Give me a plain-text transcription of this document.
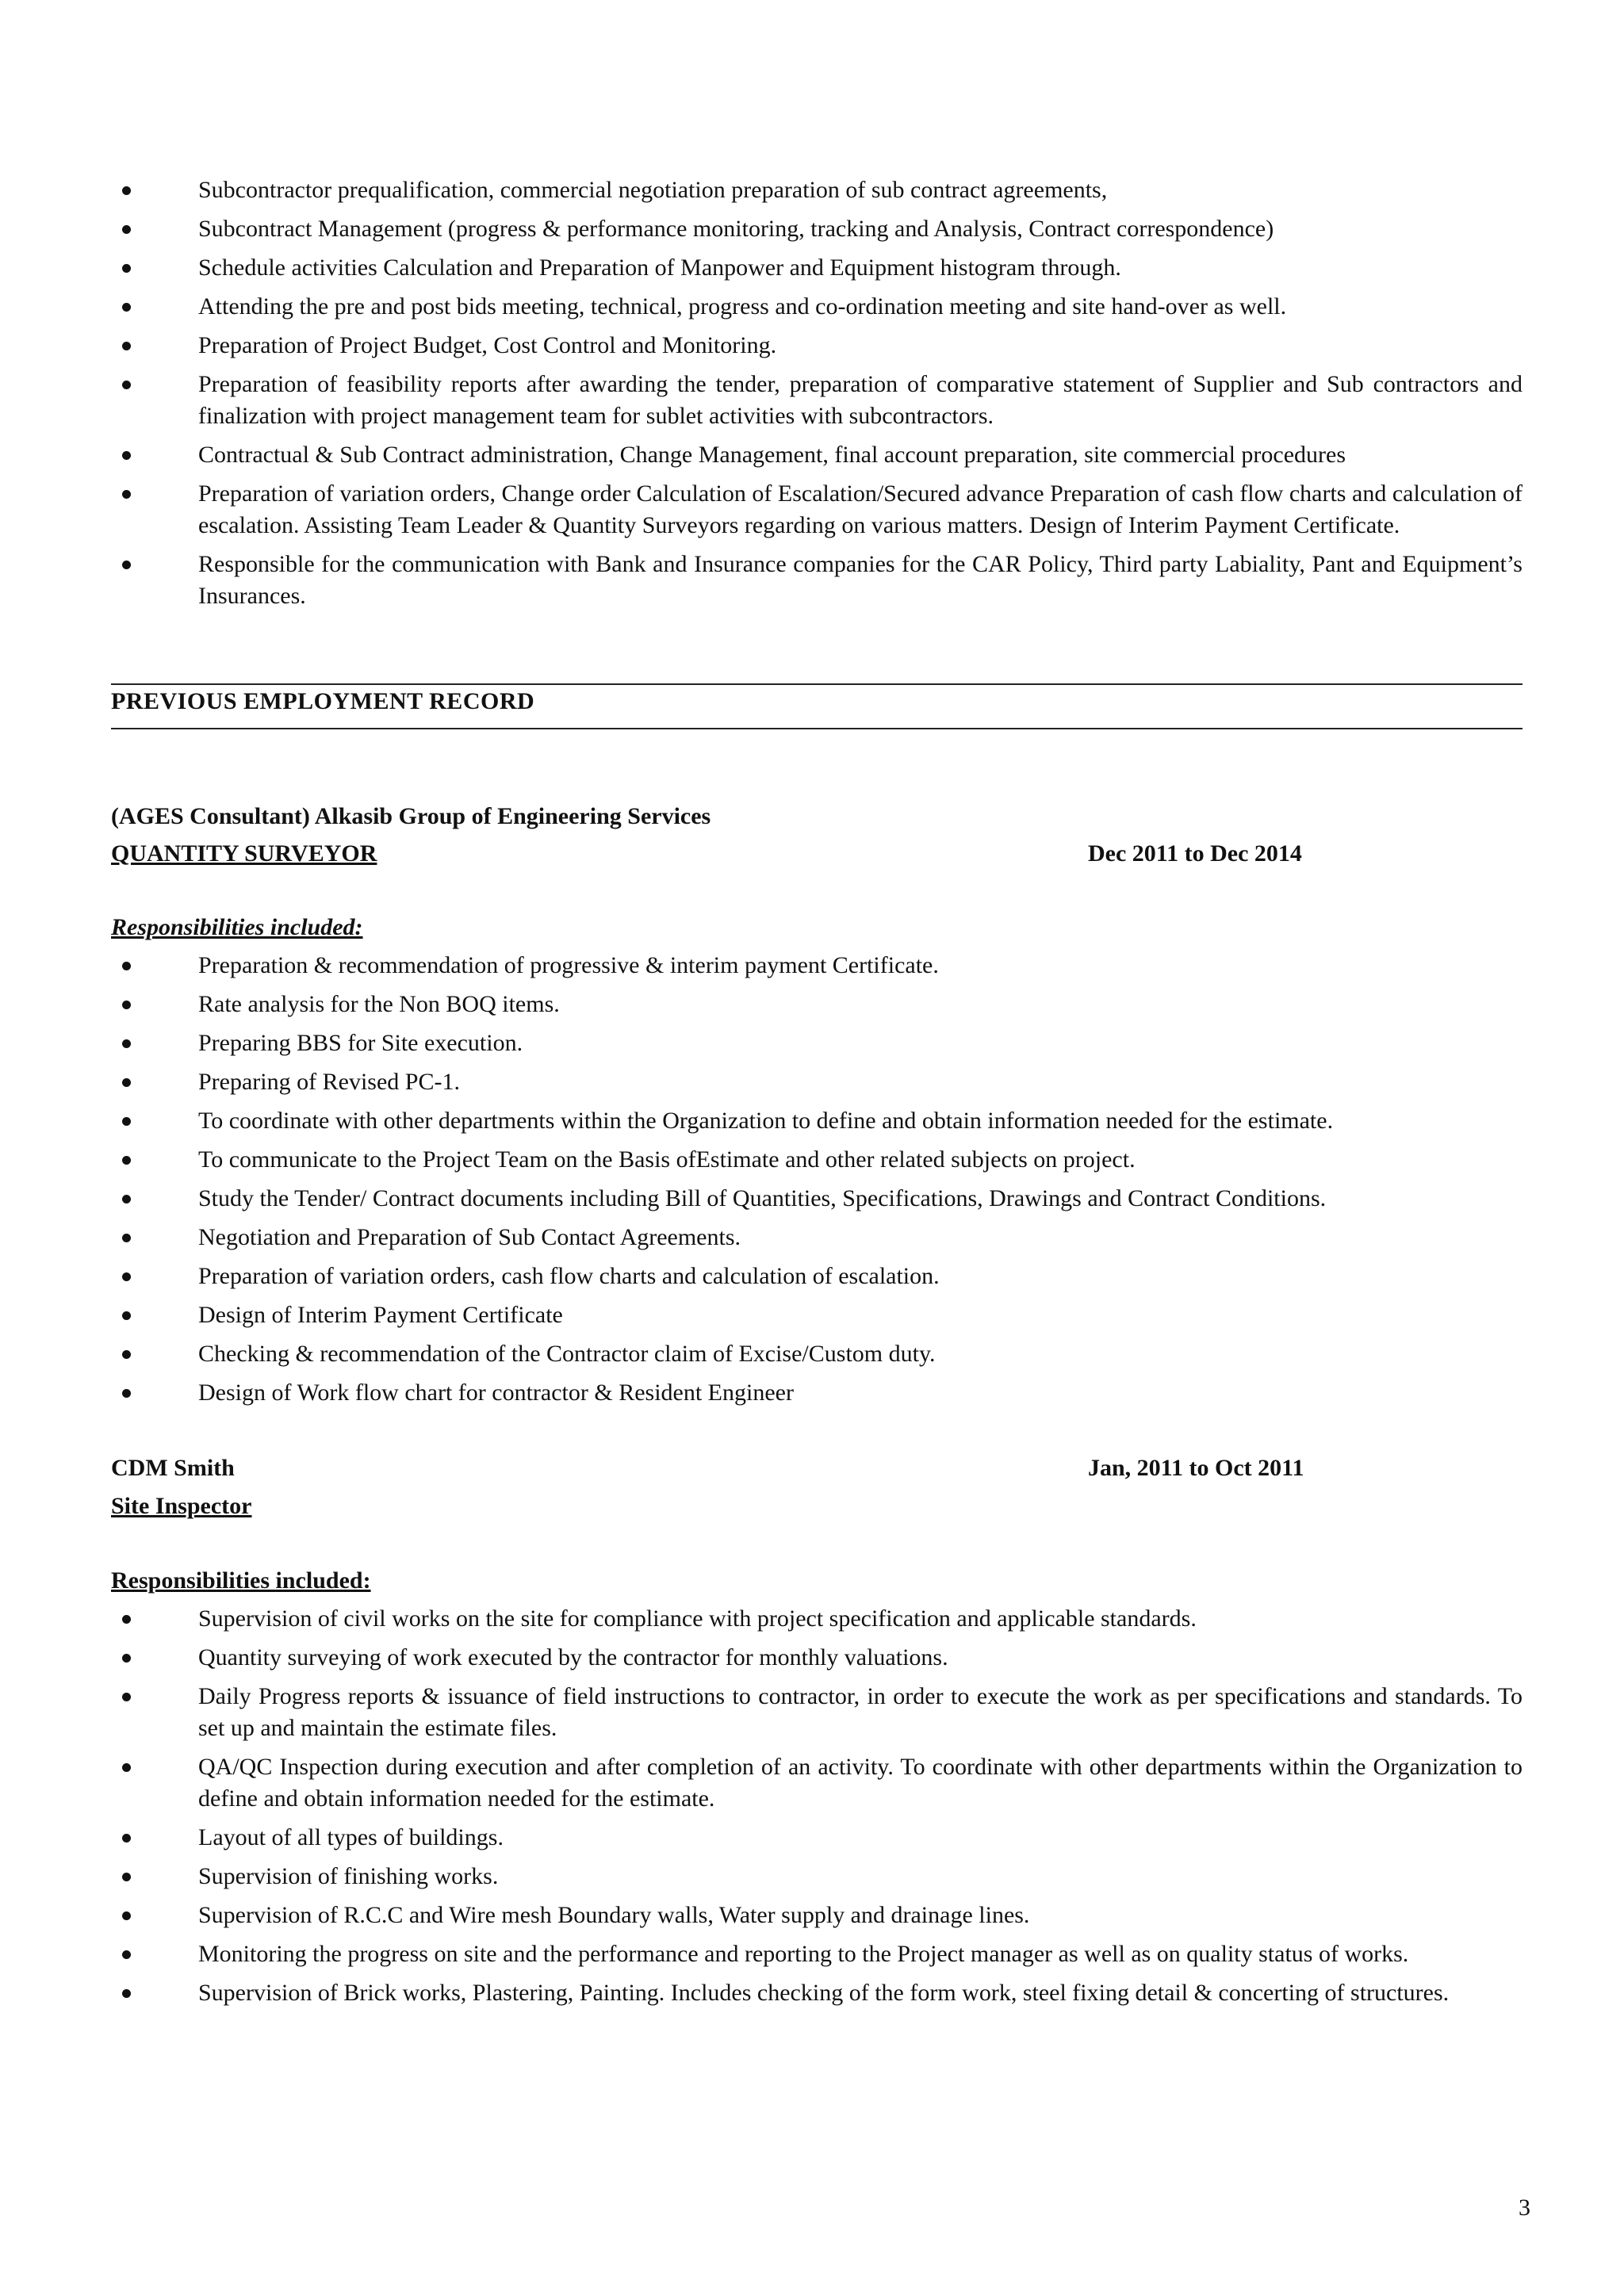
Subcontractor prequalification, commercial negotiation preparation of sub contract agreements,
Subcontract Management (progress & performance monitoring, tracking and Analysis, Contract correspondence)
Schedule activities Calculation and Preparation of Manpower and Equipment histogram through.
Attending the pre and post bids meeting, technical, progress and co-ordination meeting and site hand-over as well.
Preparation of Project Budget, Cost Control and Monitoring.
Preparation of feasibility reports after awarding the tender, preparation of comparative statement of Supplier and Sub contractors and finalization with project management team for sublet activities with subcontractors.
Contractual & Sub Contract administration, Change Management, final account preparation, site commercial procedures
Preparation of variation orders, Change order Calculation of Escalation/Secured advance Preparation of cash flow charts and calculation of escalation. Assisting Team Leader & Quantity Surveyors regarding on various matters. Design of Interim Payment Certificate.
Responsible for the communication with Bank and Insurance companies for the CAR Policy, Third party Labiality, Pant and Equipment’s Insurances.
PREVIOUS EMPLOYMENT RECORD
(AGES Consultant) Alkasib Group of Engineering Services
QUANTITY SURVEYOR	Dec 2011 to Dec 2014
Responsibilities included:
Preparation & recommendation of progressive & interim payment Certificate.
Rate analysis for the Non BOQ items.
Preparing BBS for Site execution.
Preparing of Revised PC-1.
To coordinate with other departments within the Organization to define and obtain information needed for the estimate.
To communicate to the Project Team on the Basis ofEstimate and other related subjects on project.
Study the Tender/ Contract documents including Bill of Quantities, Specifications, Drawings and Contract Conditions.
Negotiation and Preparation of Sub Contact Agreements.
Preparation of variation orders, cash flow charts and calculation of escalation.
Design of Interim Payment Certificate
Checking & recommendation of the Contractor claim of Excise/Custom duty.
Design of Work flow chart for contractor & Resident Engineer
CDM Smith	Jan, 2011 to Oct 2011
Site Inspector
Responsibilities included:
Supervision of civil works on the site for compliance with project specification and applicable standards.
Quantity surveying of work executed by the contractor for monthly valuations.
Daily Progress reports & issuance of field instructions to contractor, in order to execute the work as per specifications and standards. To set up and maintain the estimate files.
QA/QC Inspection during execution and after completion of an activity. To coordinate with other departments within the Organization to define and obtain information needed for the estimate.
Layout of all types of buildings.
Supervision of finishing works.
Supervision of R.C.C and Wire mesh Boundary walls, Water supply and drainage lines.
Monitoring the progress on site and the performance and reporting to the Project manager as well as on quality status of works.
Supervision of Brick works, Plastering, Painting. Includes checking of the form work, steel fixing detail & concerting of structures.
3
